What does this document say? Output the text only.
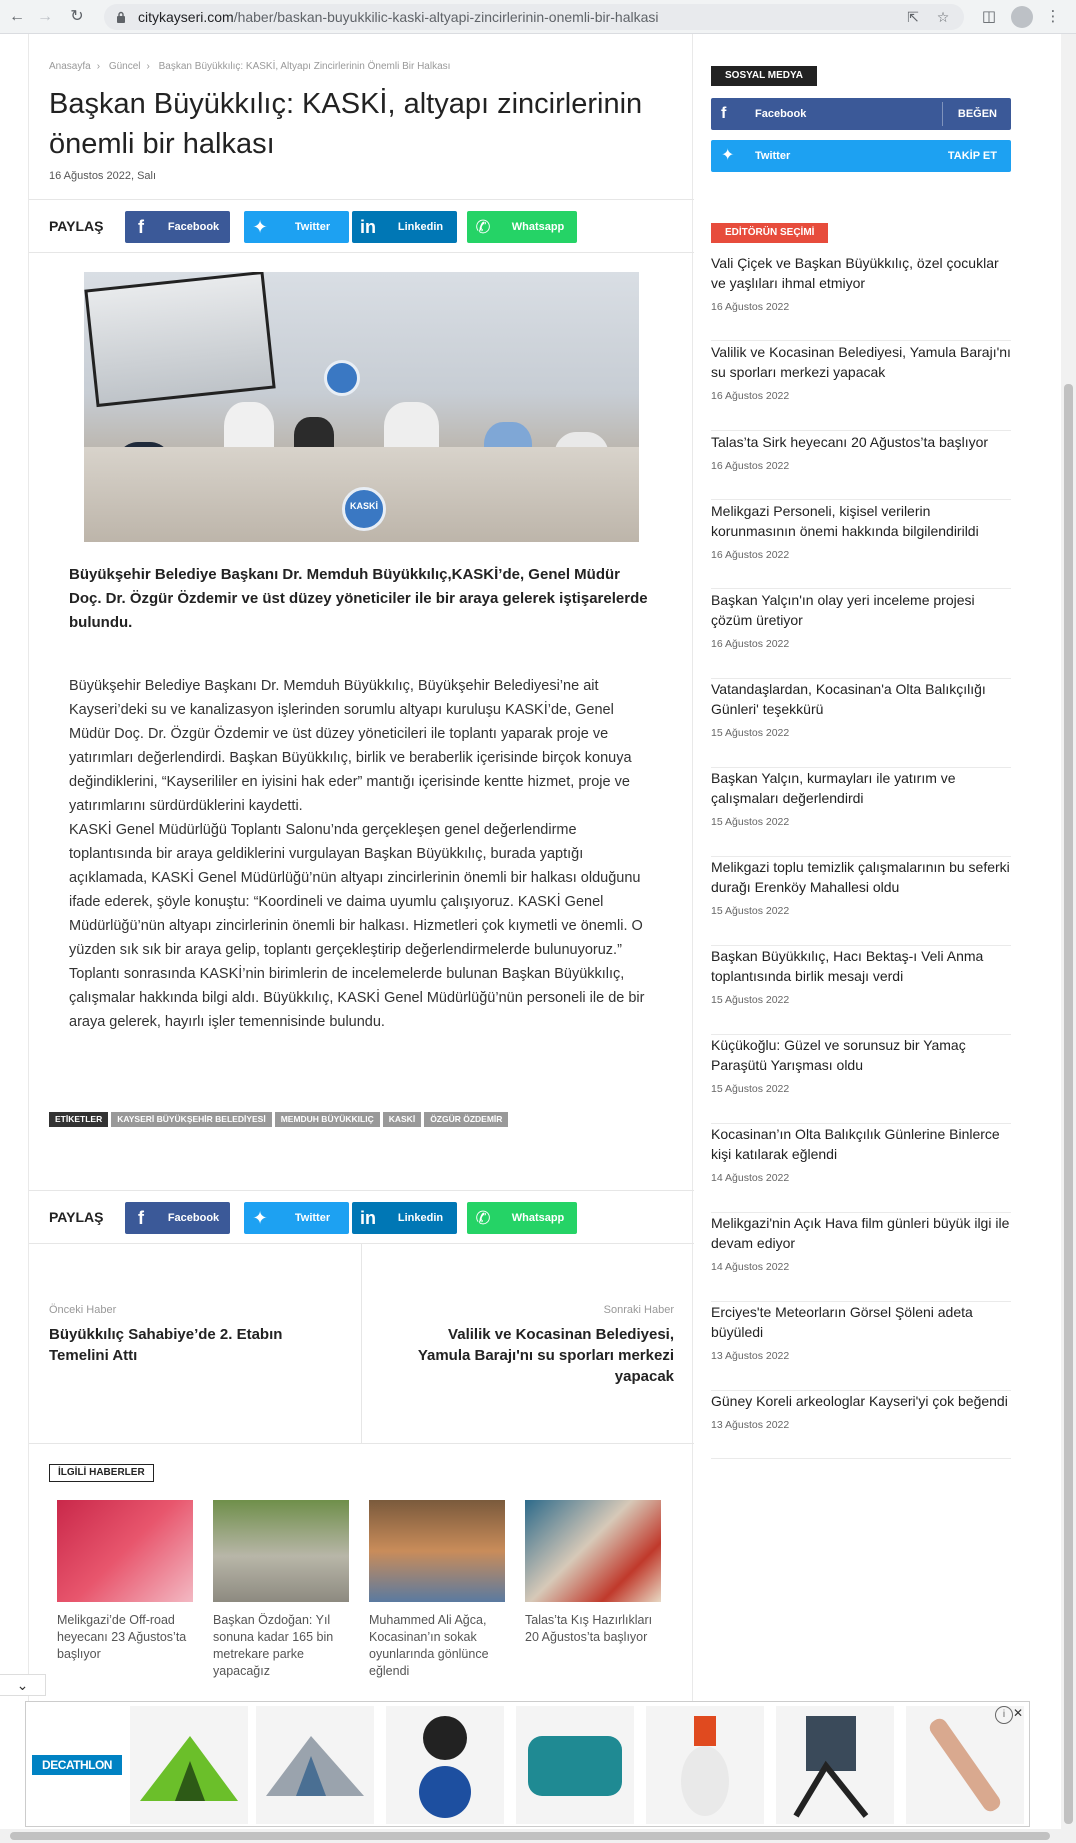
← → ↻	citykayseri.com/haber/baskan-buyukkilic-kaski-altyapi-zincirlerinin-onemli-bir-halkasi	⇱ ☆ ◫	⋮
Anasayfa › Güncel › Başkan Büyükkılıç: KASKİ, Altyapı Zincirlerinin Önemli Bir Halkası
Başkan Büyükkılıç: KASKİ, altyapı zincirlerinin önemli bir halkası
16 Ağustos 2022, Salı
PAYLAŞ	f	Facebook	✦	Twitter	in	Linkedin	✆	Whatsapp
KASKİ
Büyükşehir Belediye Başkanı Dr. Memduh Büyükkılıç,KASKİ’de, Genel Müdür Doç. Dr. Özgür Özdemir ve üst düzey yöneticiler ile bir araya gelerek iştişarelerde bulundu.

Büyükşehir Belediye Başkanı Dr. Memduh Büyükkılıç, Büyükşehir Belediyesi’ne ait Kayseri’deki su ve kanalizasyon işlerinden sorumlu altyapı kuruluşu KASKİ’de, Genel Müdür Doç. Dr. Özgür Özdemir ve üst düzey yöneticileri ile toplantı yaparak proje ve yatırımları değerlendirdi. Başkan Büyükkılıç, birlik ve beraberlik içerisinde birçok konuya değindiklerini, “Kayserililer en iyisini hak eder” mantığı içerisinde kentte hizmet, proje ve yatırımlarını sürdürdüklerini kaydetti.

KASKİ Genel Müdürlüğü Toplantı Salonu’nda gerçekleşen genel değerlendirme toplantısında bir araya geldiklerini vurgulayan Başkan Büyükkılıç, burada yaptığı açıklamada, KASKİ Genel Müdürlüğü’nün altyapı zincirlerinin önemli bir halkası olduğunu ifade ederek, şöyle konuştu: “Koordineli ve daima uyumlu çalışıyoruz. KASKİ Genel Müdürlüğü’nün altyapı zincirlerinin önemli bir halkası. Hizmetleri çok kıymetli ve önemli. O yüzden sık sık bir araya gelip, toplantı gerçekleştirip değerlendirmelerde bulunuyoruz.”

Toplantı sonrasında KASKİ’nin birimlerin de incelemelerde bulunan Başkan Büyükkılıç, çalışmalar hakkında bilgi aldı. Büyükkılıç, KASKİ Genel Müdürlüğü’nün personeli ile de bir araya gelerek, hayırlı işler temennisinde bulundu.

ETİKETLER KAYSERİ BÜYÜKŞEHİR BELEDİYESİ MEMDUH BÜYÜKKILIÇ KASKİ ÖZGÜR ÖZDEMİR
PAYLAŞ	f	Facebook	✦	Twitter	in	Linkedin	✆	Whatsapp
Önceki Haber
Büyükkılıç Sahabiye’de 2. Etabın Temelini Attı
Sonraki Haber
Valilik ve Kocasinan Belediyesi, Yamula Barajı'nı su sporları merkezi yapacak
İLGİLİ HABERLER
Melikgazi’de Off-road heyecanı 23 Ağustos’ta başlıyor
Başkan Özdoğan: Yıl sonuna kadar 165 bin metrekare parke yapacağız
Muhammed Ali Ağca, Kocasinan’ın sokak oyunlarında gönlünce eğlendi
Talas’ta Kış Hazırlıkları 20 Ağustos’ta başlıyor
SOSYAL MEDYA
f	Facebook	BEĞEN
✦ Twitter	TAKİP ET
EDİTÖRÜN SEÇİMİ
Vali Çiçek ve Başkan Büyükkılıç, özel çocuklar ve yaşlıları ihmal etmiyor
16 Ağustos 2022
Valilik ve Kocasinan Belediyesi, Yamula Barajı'nı su sporları merkezi yapacak
16 Ağustos 2022
Talas’ta Sirk heyecanı 20 Ağustos’ta başlıyor
16 Ağustos 2022
Melikgazi Personeli, kişisel verilerin korunmasının önemi hakkında bilgilendirildi
16 Ağustos 2022
Başkan Yalçın'ın olay yeri inceleme projesi çözüm üretiyor
16 Ağustos 2022
Vatandaşlardan, Kocasinan'a Olta Balıkçılığı Günleri' teşekkürü
15 Ağustos 2022
Başkan Yalçın, kurmayları ile yatırım ve çalışmaları değerlendirdi
15 Ağustos 2022
Melikgazi toplu temizlik çalışmalarının bu seferki durağı Erenköy Mahallesi oldu
15 Ağustos 2022
Başkan Büyükkılıç, Hacı Bektaş-ı Veli Anma toplantısında birlik mesajı verdi
15 Ağustos 2022
Küçükoğlu: Güzel ve sorunsuz bir Yamaç Paraşütü Yarışması oldu
15 Ağustos 2022
Kocasinan’ın Olta Balıkçılık Günlerine Binlerce kişi katılarak eğlendi
14 Ağustos 2022
Melikgazi'nin Açık Hava film günleri büyük ilgi ile devam ediyor
14 Ağustos 2022
Erciyes'te Meteorların Görsel Şöleni adeta büyüledi
13 Ağustos 2022
Güney Koreli arkeologlar Kayseri'yi çok beğendi
13 Ağustos 2022
⌄
DECATHLON
i ✕
